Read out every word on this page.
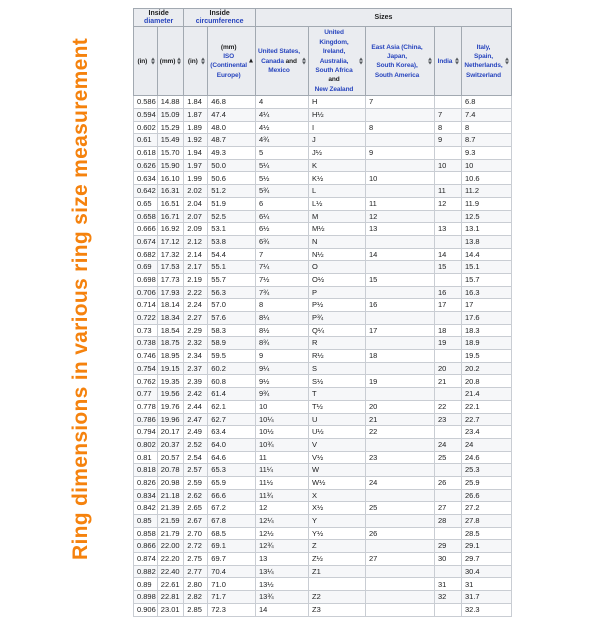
Ring dimensions in various ring size measurement
Inside diameter		Inside circumference		Sizes				
(in)	(mm)	(in)	(mm)
ISO
(Continental
Europe)	United States,
Canada and
Mexico	United Kingdom,
Ireland,
Australia,
South Africa and
New Zealand	East Asia (China,
Japan,
South Korea),
South America	India	Italy,
Spain,
Netherlands,
Switzerland

0.586	14.88	1.84	46.8	4	H	7		6.8
0.594	15.09	1.87	47.4	4¼	H½		7	7.4
0.602	15.29	1.89	48.0	4½	I	8	8	8
0.61	15.49	1.92	48.7	4¾	J		9	8.7
0.618	15.70	1.94	49.3	5	J½	9		9.3
0.626	15.90	1.97	50.0	5¼	K		10	10
0.634	16.10	1.99	50.6	5½	K½	10		10.6
0.642	16.31	2.02	51.2	5¾	L		11	11.2
0.65	16.51	2.04	51.9	6	L½	11	12	11.9
0.658	16.71	2.07	52.5	6¼	M	12		12.5
0.666	16.92	2.09	53.1	6½	M½	13	13	13.1
0.674	17.12	2.12	53.8	6¾	N			13.8
0.682	17.32	2.14	54.4	7	N½	14	14	14.4
0.69	17.53	2.17	55.1	7¼	O		15	15.1
0.698	17.73	2.19	55.7	7½	O½	15		15.7
0.706	17.93	2.22	56.3	7¾	P		16	16.3
0.714	18.14	2.24	57.0	8	P½	16	17	17
0.722	18.34	2.27	57.6	8¼	P¾			17.6
0.73	18.54	2.29	58.3	8½	Q¼	17	18	18.3
0.738	18.75	2.32	58.9	8¾	R		19	18.9
0.746	18.95	2.34	59.5	9	R½	18		19.5
0.754	19.15	2.37	60.2	9¼	S		20	20.2
0.762	19.35	2.39	60.8	9½	S½	19	21	20.8
0.77	19.56	2.42	61.4	9¾	T			21.4
0.778	19.76	2.44	62.1	10	T½	20	22	22.1
0.786	19.96	2.47	62.7	10¼	U	21	23	22.7
0.794	20.17	2.49	63.4	10½	U½	22		23.4
0.802	20.37	2.52	64.0	10¾	V		24	24
0.81	20.57	2.54	64.6	11	V½	23	25	24.6
0.818	20.78	2.57	65.3	11¼	W			25.3
0.826	20.98	2.59	65.9	11½	W½	24	26	25.9
0.834	21.18	2.62	66.6	11¾	X			26.6
0.842	21.39	2.65	67.2	12	X½	25	27	27.2
0.85	21.59	2.67	67.8	12¼	Y		28	27.8
0.858	21.79	2.70	68.5	12½	Y½	26		28.5
0.866	22.00	2.72	69.1	12¾	Z		29	29.1
0.874	22.20	2.75	69.7	13	Z½	27	30	29.7
0.882	22.40	2.77	70.4	13¼	Z1			30.4
0.89	22.61	2.80	71.0	13½			31	31
0.898	22.81	2.82	71.7	13¾	Z2		32	31.7
0.906	23.01	2.85	72.3	14	Z3			32.3
